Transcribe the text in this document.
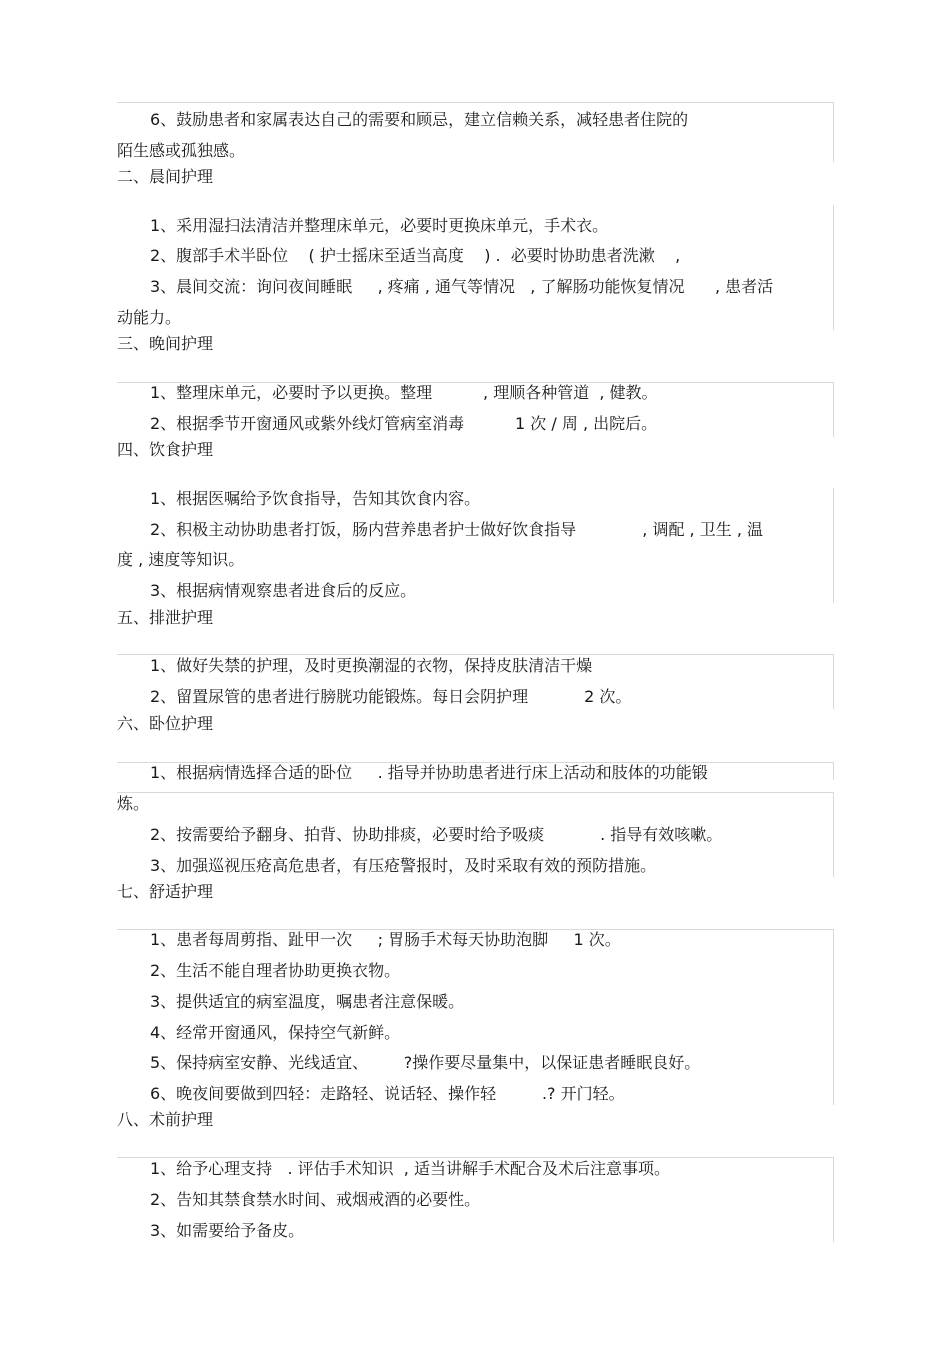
6、鼓励患者和家属表达自己的需要和顾忌，建立信赖关系，减轻患者住院的
陌生感或孤独感。
二、晨间护理
1、采用湿扫法清洁并整理床单元，必要时更换床单元，手术衣。
2、腹部手术半卧位    ( 护士摇床至适当高度    ) .  必要时协助患者洗漱    ,
3、晨间交流：询问夜间睡眠     , 疼痛 , 通气等情况   , 了解肠功能恢复情况      , 患者活
动能力。
三、晚间护理
1、整理床单元，必要时予以更换。整理          , 理顺各种管道  , 健教。
2、根据季节开窗通风或紫外线灯管病室消毒          1 次 / 周 , 出院后。
四、饮食护理
1、根据医嘱给予饮食指导，告知其饮食内容。
2、积极主动协助患者打饭，肠内营养患者护士做好饮食指导             , 调配 , 卫生 , 温
度 , 速度等知识。
3、根据病情观察患者进食后的反应。
五、排泄护理
1、做好失禁的护理，及时更换潮湿的衣物，保持皮肤清洁干燥
2、留置尿管的患者进行膀胱功能锻炼。每日会阴护理           2 次。
六、卧位护理
1、根据病情选择合适的卧位     . 指导并协助患者进行床上活动和肢体的功能锻
炼。
2、按需要给予翻身、拍背、协助排痰，必要时给予吸痰           . 指导有效咳嗽。
3、加强巡视压疮高危患者，有压疮警报时，及时采取有效的预防措施。
七、舒适护理
1、患者每周剪指、趾甲一次     ; 胃肠手术每天协助泡脚     1 次。
2、生活不能自理者协助更换衣物。
3、提供适宜的病室温度，嘱患者注意保暖。
4、经常开窗通风，保持空气新鲜。
5、保持病室安静、光线适宜、       ?操作要尽量集中，以保证患者睡眠良好。
6、晚夜间要做到四轻：走路轻、说话轻、操作轻         .? 开门轻。
八、术前护理
1、给予心理支持   . 评估手术知识  , 适当讲解手术配合及术后注意事项。
2、告知其禁食禁水时间、戒烟戒酒的必要性。
3、如需要给予备皮。
